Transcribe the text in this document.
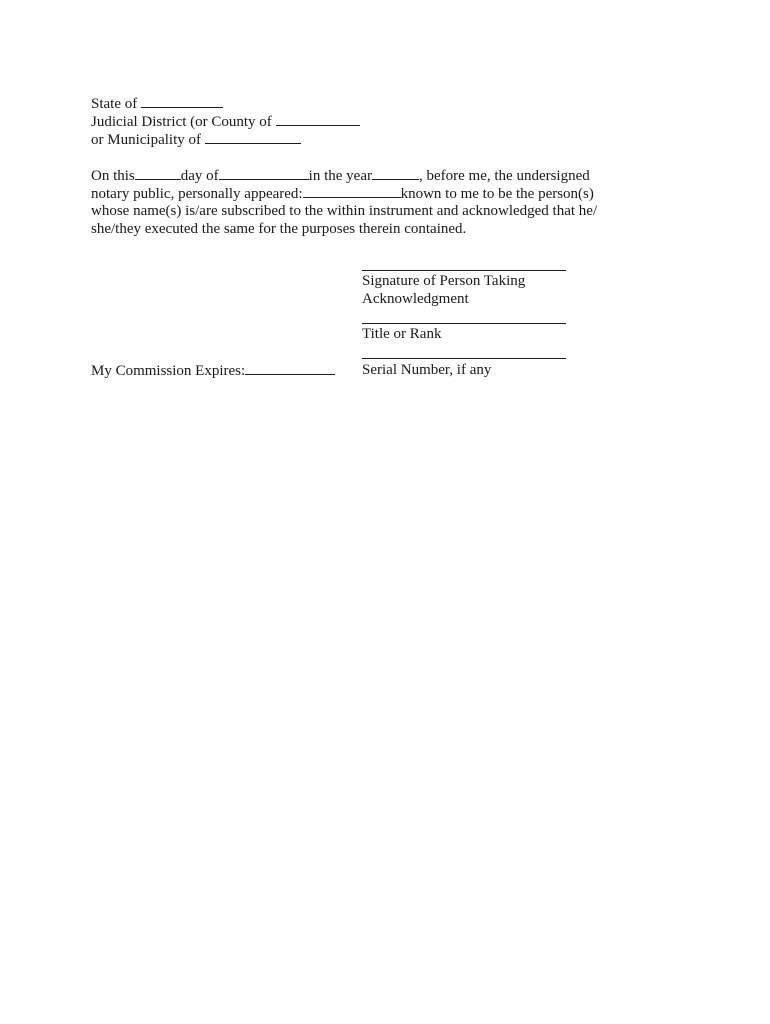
State of
Judicial District (or County of
or Municipality of
On this	day of	in the year	, before me, the undersigned
notary public, personally appeared:	known to me to be the person(s)
whose name(s) is/are subscribed to the within instrument and acknowledged that he/
she/they executed the same for the purposes therein contained.
Signature of Person Taking
Acknowledgment
Title or Rank
Serial Number, if any
My Commission Expires:
